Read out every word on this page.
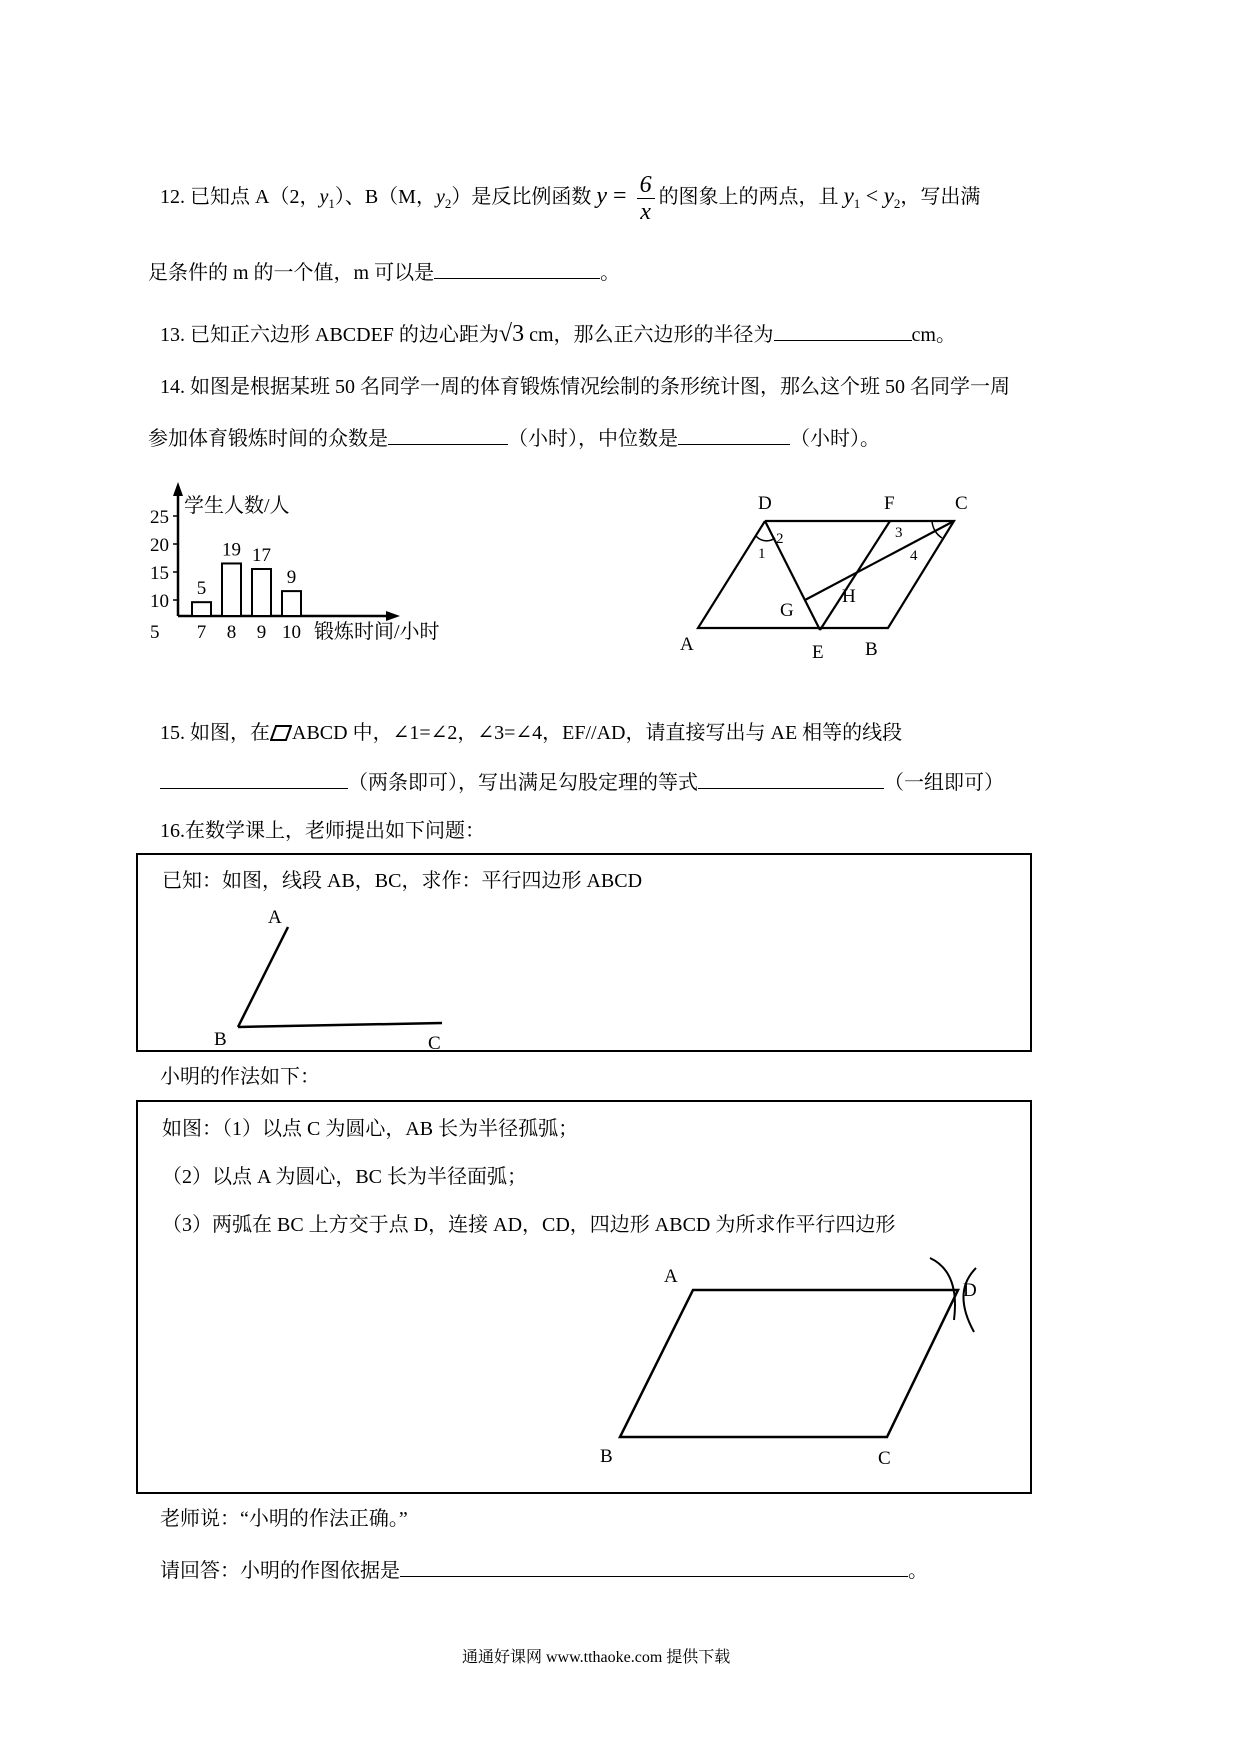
12. 已知点 A（2，$y_1$）、B（M，$y_2$）是反比例函数 $y = \frac{6}{x}$ 的图象上的两点，且 $y_1 < y_2$，写出满
足条件的 m 的一个值，m 可以是	。
13. 已知正六边形 ABCDEF 的边心距为√3 cm，那么正六边形的半径为	cm。
14. 如图是根据某班 50 名同学一周的体育锻炼情况绘制的条形统计图，那么这个班 50 名同学一周
参加体育锻炼时间的众数是	（小时），中位数是	（小时）。
5
10
15
20
25
5
7
19
8
17
9
9
10
学生人数/人
锻炼时间/小时
D	F	C
A	E B
G
H
1
2	3
4
15. 如图，在 ABCD 中，∠1=∠2，∠3=∠4，EF//AD，请直接写出与 AE 相等的线段
（两条即可），写出满足勾股定理的等式	（一组即可）
16.在数学课上，老师提出如下问题：
已知：如图，线段 AB，BC，求作：平行四边形 ABCD
A
B	C
小明的作法如下：
如图：（1）以点 C 为圆心，AB 长为半径孤弧；
（2）以点 A 为圆心，BC 长为半径面弧；
（3）两弧在 BC 上方交于点 D，连接 AD，CD，四边形 ABCD 为所求作平行四边形
A
D
B	C
老师说：“小明的作法正确。”
请回答：小明的作图依据是	。
通通好课网 www.tthaoke.com 提供下载
